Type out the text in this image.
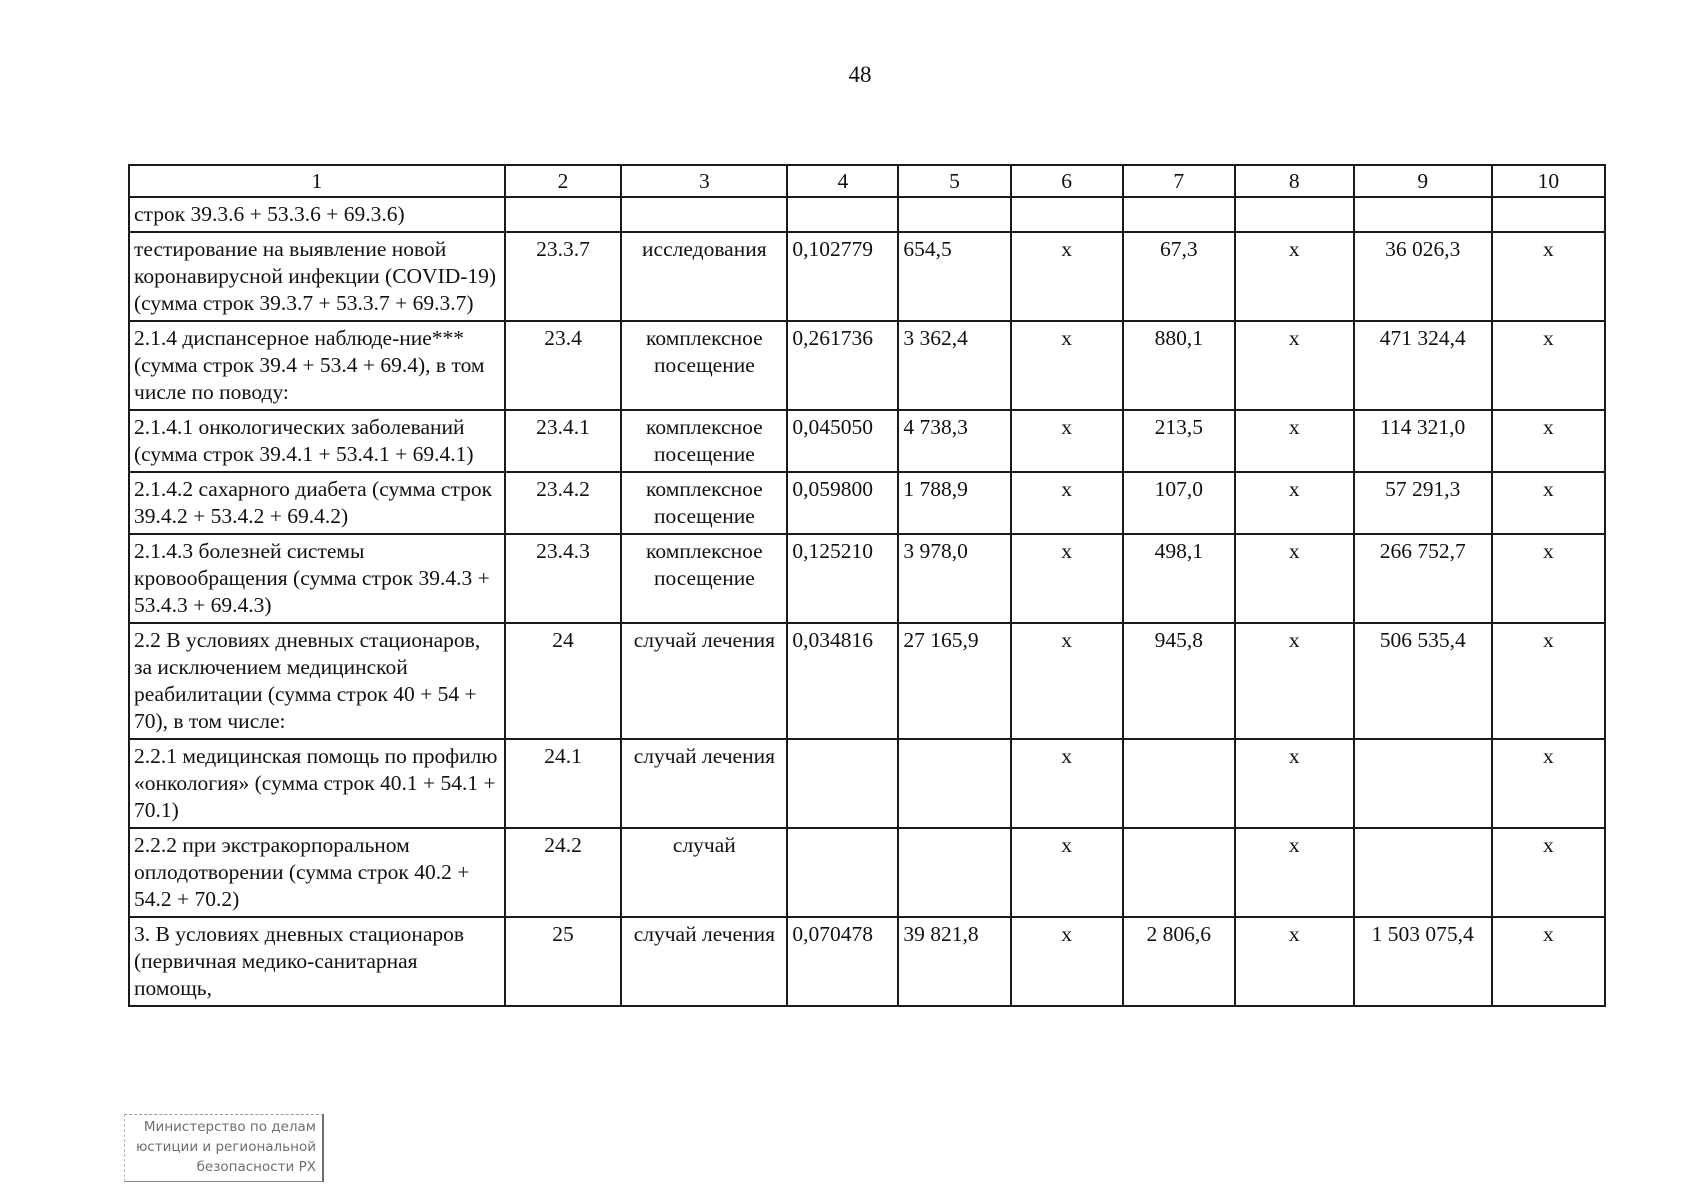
48
1	2	3	4	5	6	7	8	9	10
строк 39.3.6 + 53.3.6 + 69.3.6)									
тестирование на выявление новой коронавирусной инфекции (COVID-19) (сумма строк 39.3.7 + 53.3.7 + 69.3.7)	23.3.7	исследования	0,102779	654,5	х	67,3	х	36 026,3	х
2.1.4 диспансерное наблюде-ние*** (сумма строк 39.4 + 53.4 + 69.4), в том числе по поводу:	23.4	комплексное посещение	0,261736	3 362,4	х	880,1	х	471 324,4	х
2.1.4.1 онкологических заболеваний (сумма строк 39.4.1 + 53.4.1 + 69.4.1)	23.4.1	комплексное посещение	0,045050	4 738,3	х	213,5	х	114 321,0	х
2.1.4.2 сахарного диабета (сумма строк 39.4.2 + 53.4.2 + 69.4.2)	23.4.2	комплексное посещение	0,059800	1 788,9	х	107,0	х	57 291,3	х
2.1.4.3 болезней системы кровообращения (сумма строк 39.4.3 + 53.4.3 + 69.4.3)	23.4.3	комплексное посещение	0,125210	3 978,0	х	498,1	х	266 752,7	х
2.2 В условиях дневных стационаров, за исключением медицинской реабилитации (сумма строк 40 + 54 + 70), в том числе:	24	случай лечения	0,034816	27 165,9	х	945,8	х	506 535,4	х
2.2.1 медицинская помощь по профилю «онкология» (сумма строк 40.1 + 54.1 + 70.1)	24.1	случай лечения			х		х		х
2.2.2 при экстракорпоральном оплодотворении (сумма строк 40.2 + 54.2 + 70.2)	24.2	случай			х		х		х
3. В условиях дневных стационаров (первичная медико-санитарная помощь,	25	случай лечения	0,070478	39 821,8	х	2 806,6	х	1 503 075,4	х
Министерство по делам
юстиции и региональной
безопасности РХ
